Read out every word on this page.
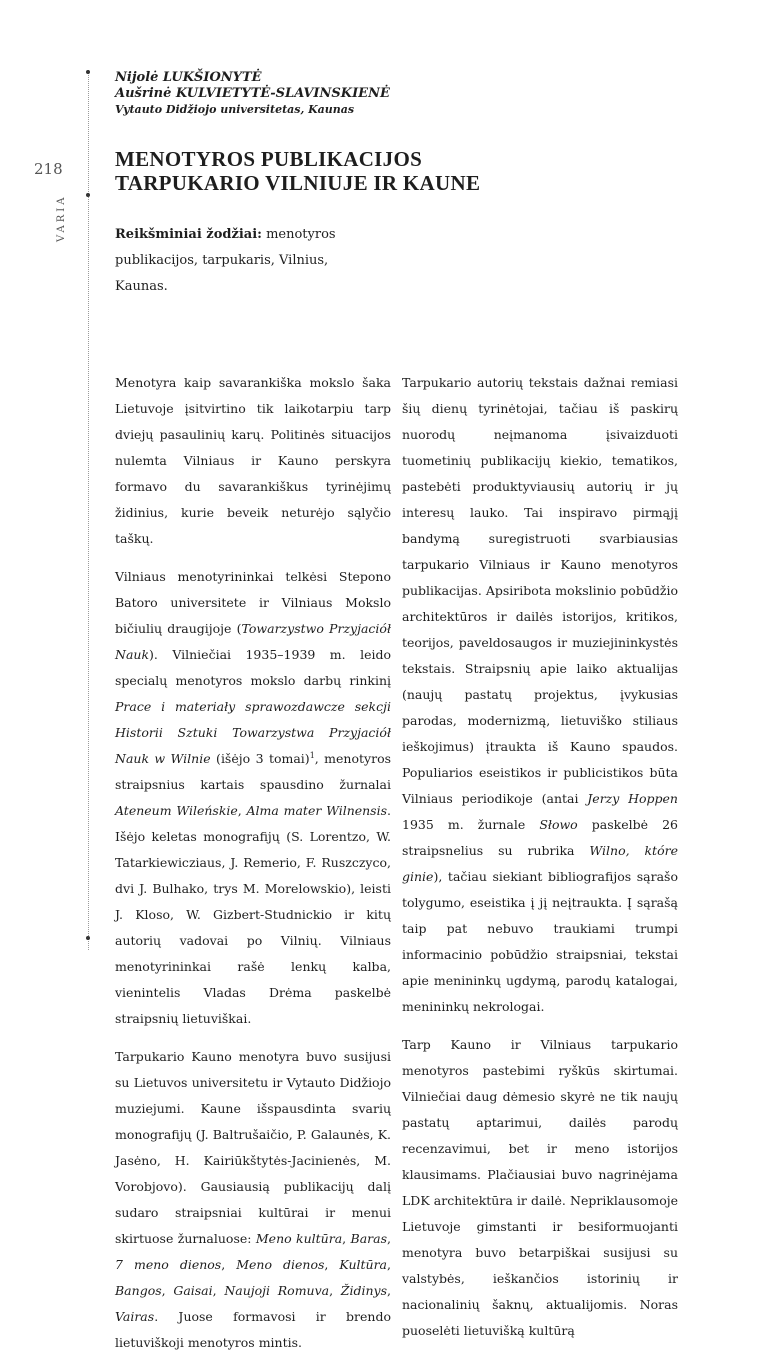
218
VARIA
Nijolė LUKŠIONYTĖ
Aušrinė KULVIETYTĖ-SLAVINSKIENĖ
Vytauto Didžiojo universitetas, Kaunas
MENOTYROS PUBLIKACIJOS
TARPUKARIO VILNIUJE IR KAUNE
Reikšminiai žodžiai: menotyros publikacijos, tarpukaris, Vilnius, Kaunas.

Menotyra kaip savarankiška mokslo šaka Lietuvoje įsitvirtino tik laikotarpiu tarp dviejų pasaulinių karų. Politinės situacijos nulemta Vilniaus ir Kauno perskyra formavo du savarankiškus tyrinėjimų židinius, kurie beveik neturėjo sąlyčio taškų.

Vilniaus menotyrininkai telkėsi Stepono Batoro universitete ir Vilniaus Mokslo bičiulių draugijoje (Towarzystwo Przyjaciół Nauk). Vilniečiai 1935–1939 m. leido specialų menotyros mokslo darbų rinkinį Prace i materiały sprawozdawcze sekcji Historii Sztuki Towarzystwa Przyjaciół Nauk w Wilnie (išėjo 3 tomai)$^1$, menotyros straipsnius kartais spausdino žurnalai Ateneum Wileńskie, Alma mater Wilnensis. Išėjo keletas monografijų (S. Lorentzo, W. Tatarkiewicziaus, J. Remerio, F. Ruszczyco, dvi J. Bulhako, trys M. Morelowskio), leisti J. Kloso, W. Gizbert-Studnickio ir kitų autorių vadovai po Vilnių. Vilniaus menotyrininkai rašė lenkų kalba, vienintelis Vladas Drėma paskelbė straipsnių lietuviškai.

Tarpukario Kauno menotyra buvo susijusi su Lietuvos universitetu ir Vytauto Didžiojo muziejumi. Kaune išspausdinta svarių monografijų (J. Baltrušaičio, P. Galaunės, K. Jasėno, H. Kairiūkštytės-Jacinienės, M. Vorobjovo). Gausiausią publikacijų dalį sudaro straipsniai kultūrai ir menui skirtuose žurnaluose: Meno kultūra, Baras, 7 meno dienos, Meno dienos, Kultūra, Bangos, Gaisai, Naujoji Romuva, Židinys, Vairas. Juose formavosi ir brendo lietuviškoji menotyros mintis.

Tarpukario autorių tekstais dažnai remiasi šių dienų tyrinėtojai, tačiau iš paskirų nuorodų neįmanoma įsivaizduoti tuometinių publikacijų kiekio, tematikos, pastebėti produktyviausių autorių ir jų interesų lauko. Tai inspiravo pirmąjį bandymą suregistruoti svarbiausias tarpukario Vilniaus ir Kauno menotyros publikacijas. Apsiribota mokslinio pobūdžio architektūros ir dailės istorijos, kritikos, teorijos, paveldosaugos ir muziejininkystės tekstais. Straipsnių apie laiko aktualijas (naujų pastatų projektus, įvykusias parodas, modernizmą, lietuviško stiliaus ieškojimus) įtraukta iš Kauno spaudos. Populiarios eseistikos ir publicistikos būta Vilniaus periodikoje (antai Jerzy Hoppen 1935 m. žurnale Słowo paskelbė 26 straipsnelius su rubrika Wilno, które ginie), tačiau siekiant bibliografijos sąrašo tolygumo, eseistika į jį neįtraukta. Į sąrašą taip pat nebuvo traukiami trumpi informacinio pobūdžio straipsniai, tekstai apie menininkų ugdymą, parodų katalogai, menininkų nekrologai.

Tarp Kauno ir Vilniaus tarpukario menotyros pastebimi ryškūs skirtumai. Vilniečiai daug dėmesio skyrė ne tik naujų pastatų aptarimui, dailės parodų recenzavimui, bet ir meno istorijos klausimams. Plačiausiai buvo nagrinėjama LDK architektūra ir dailė. Nepriklausomoje Lietuvoje gimstanti ir besiformuojanti menotyra buvo betarpiškai susijusi su valstybės, ieškančios istorinių ir nacionalinių šaknų, aktualijomis. Noras puoselėti lietuvišką kultūrą
